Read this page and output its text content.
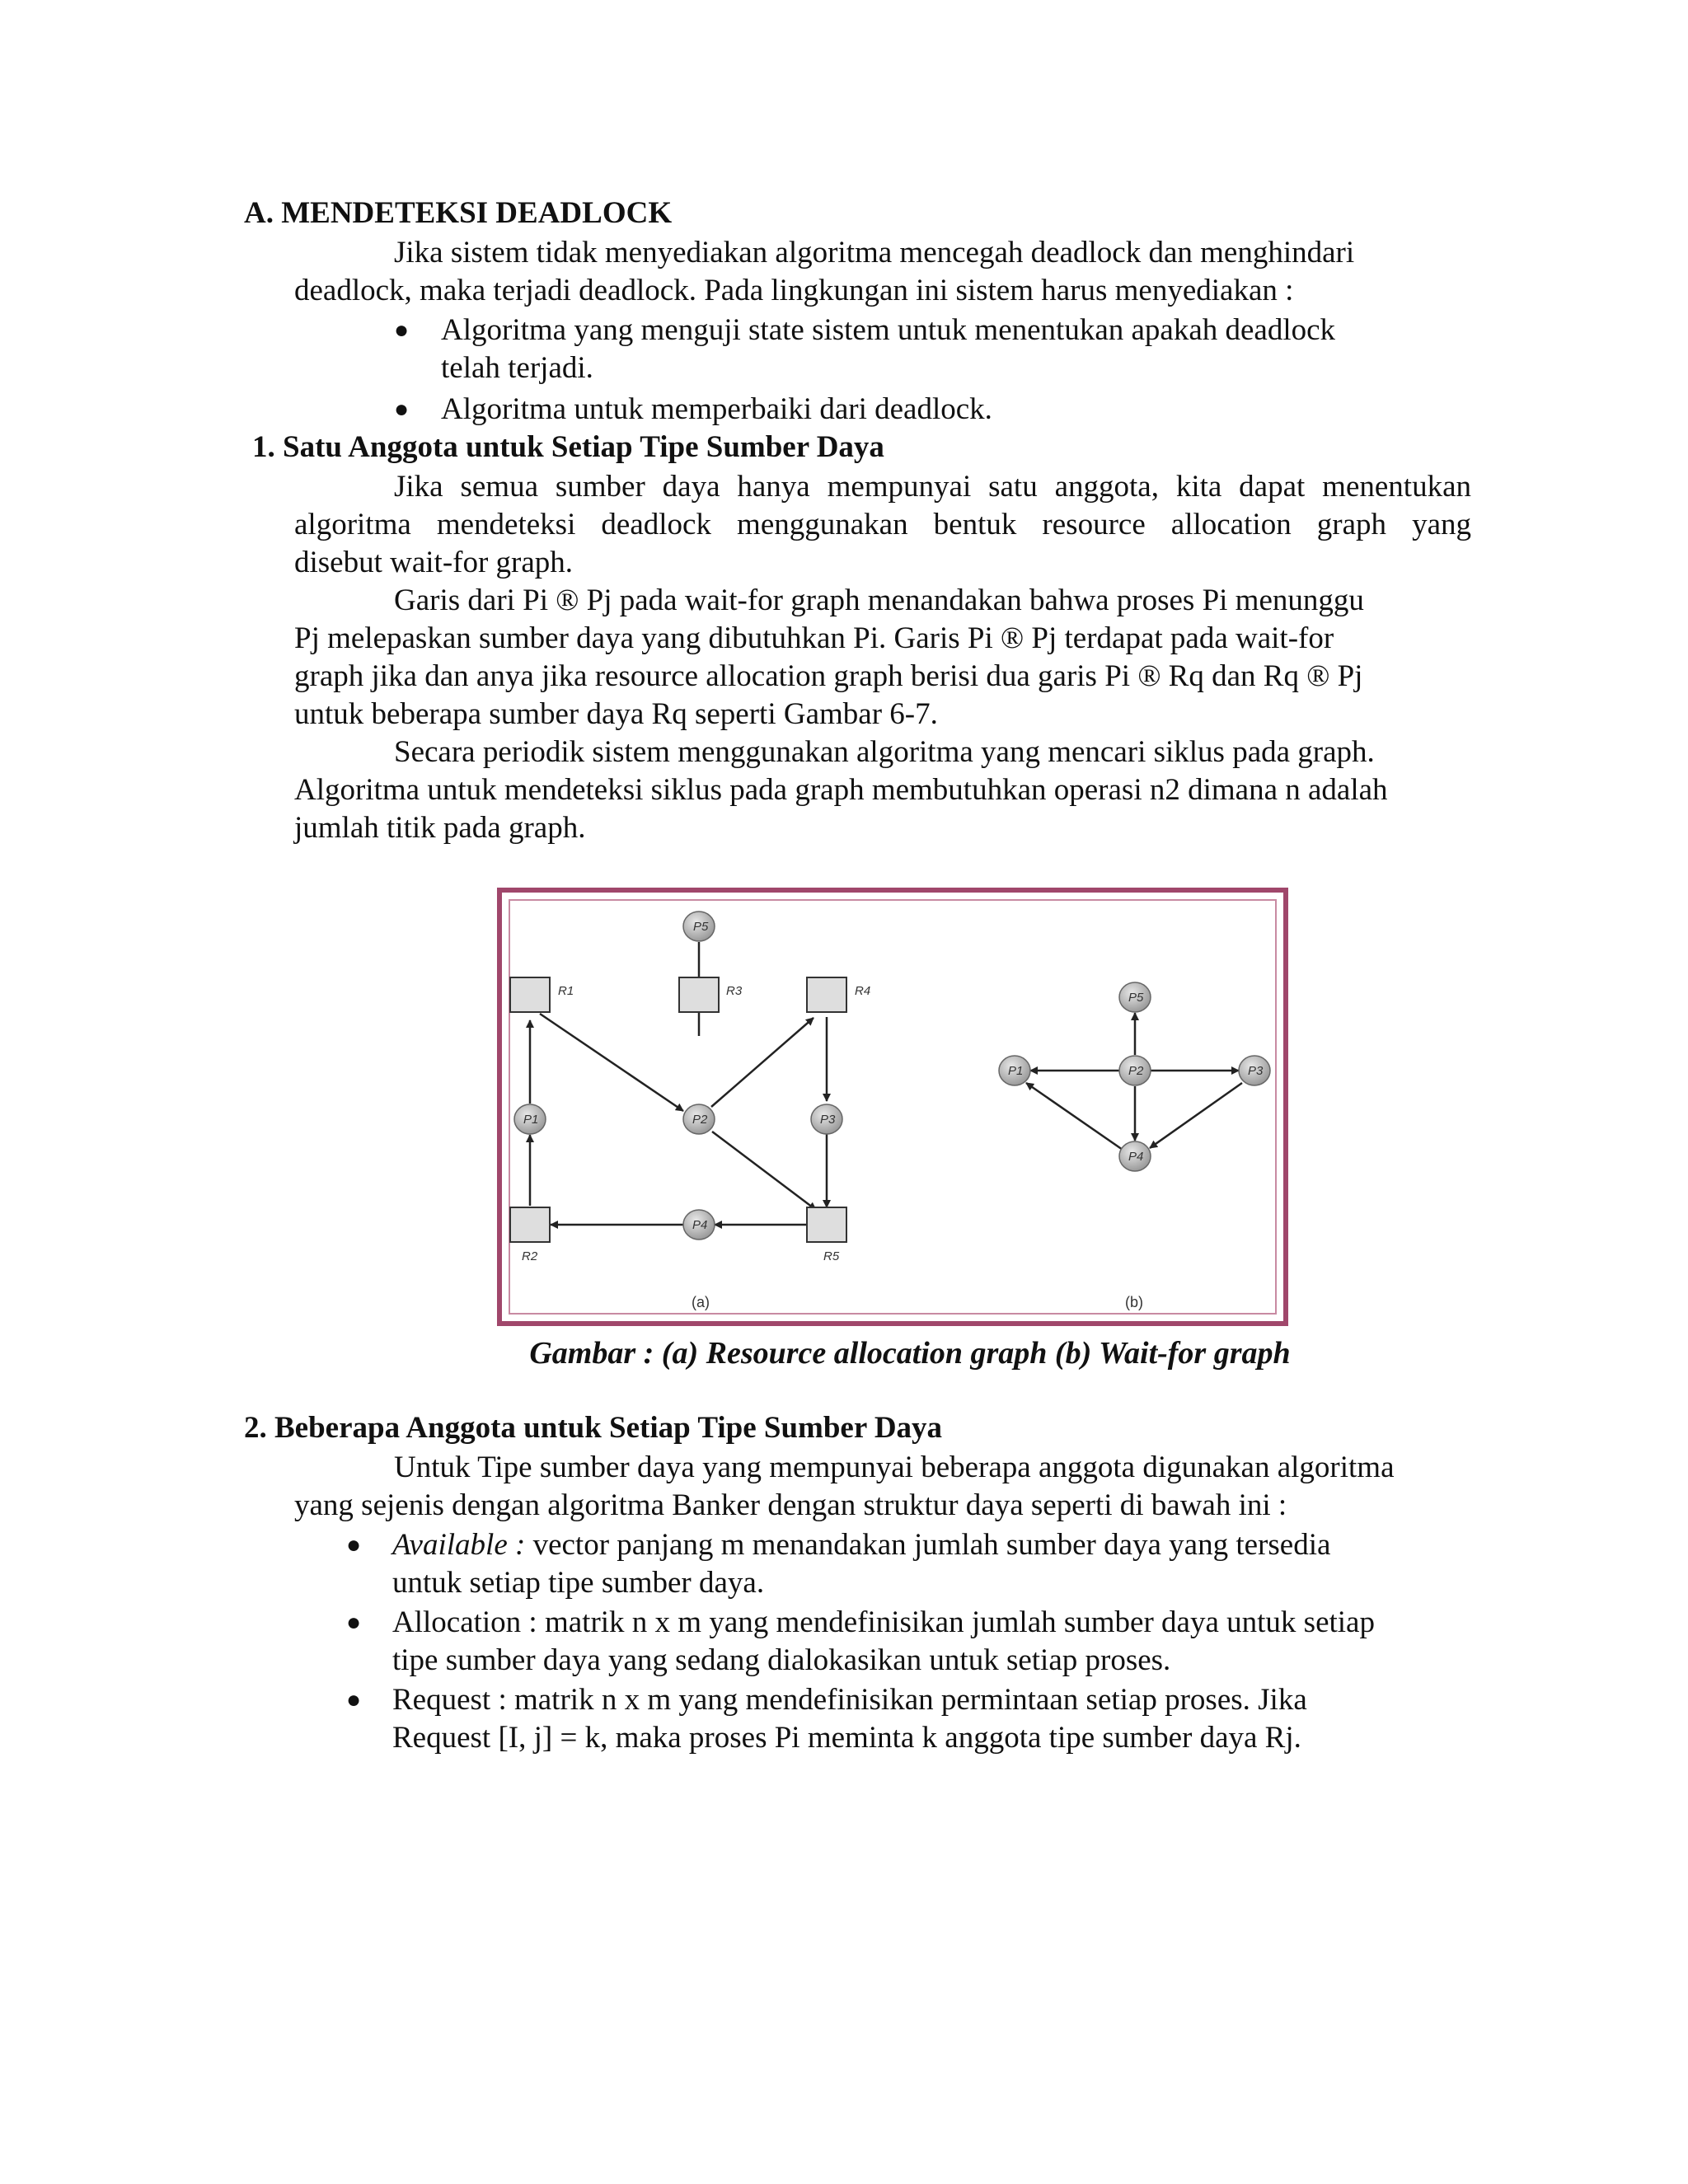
A. MENDETEKSI DEADLOCK
Jika sistem tidak menyediakan algoritma mencegah deadlock dan menghindari
deadlock, maka terjadi deadlock. Pada lingkungan ini sistem harus menyediakan :
● Algoritma yang menguji state sistem untuk menentukan apakah deadlock
telah terjadi.
● Algoritma untuk memperbaiki dari deadlock.
1. Satu Anggota untuk Setiap Tipe Sumber Daya
Jika semua sumber daya hanya mempunyai satu anggota, kita dapat menentukan
algoritma mendeteksi deadlock menggunakan bentuk resource allocation graph yang
disebut wait-for graph.
Garis dari Pi ® Pj pada wait-for graph menandakan bahwa proses Pi menunggu
Pj melepaskan sumber daya yang dibutuhkan Pi. Garis Pi ® Pj terdapat pada wait-for
graph jika dan anya jika resource allocation graph berisi dua garis Pi ® Rq dan Rq ® Pj
untuk beberapa sumber daya Rq seperti Gambar 6-7.
Secara periodik sistem menggunakan algoritma yang mencari siklus pada graph.
Algoritma untuk mendeteksi siklus pada graph membutuhkan operasi n2 dimana n adalah
jumlah titik pada graph.
P5
P1	P2	P3
P4
R1	R3	R4
R2	R5
(a)
P5
P1	P2	P3
P4
(b)
Gambar : (a) Resource allocation graph (b) Wait-for graph
2. Beberapa Anggota untuk Setiap Tipe Sumber Daya
Untuk Tipe sumber daya yang mempunyai beberapa anggota digunakan algoritma
yang sejenis dengan algoritma Banker dengan struktur daya seperti di bawah ini :
● Available : vector panjang m menandakan jumlah sumber daya yang tersedia
untuk setiap tipe sumber daya.
● Allocation : matrik n x m yang mendefinisikan jumlah sumber daya untuk setiap
tipe sumber daya yang sedang dialokasikan untuk setiap proses.
● Request : matrik n x m yang mendefinisikan permintaan setiap proses. Jika
Request [I, j] = k, maka proses Pi meminta k anggota tipe sumber daya Rj.
